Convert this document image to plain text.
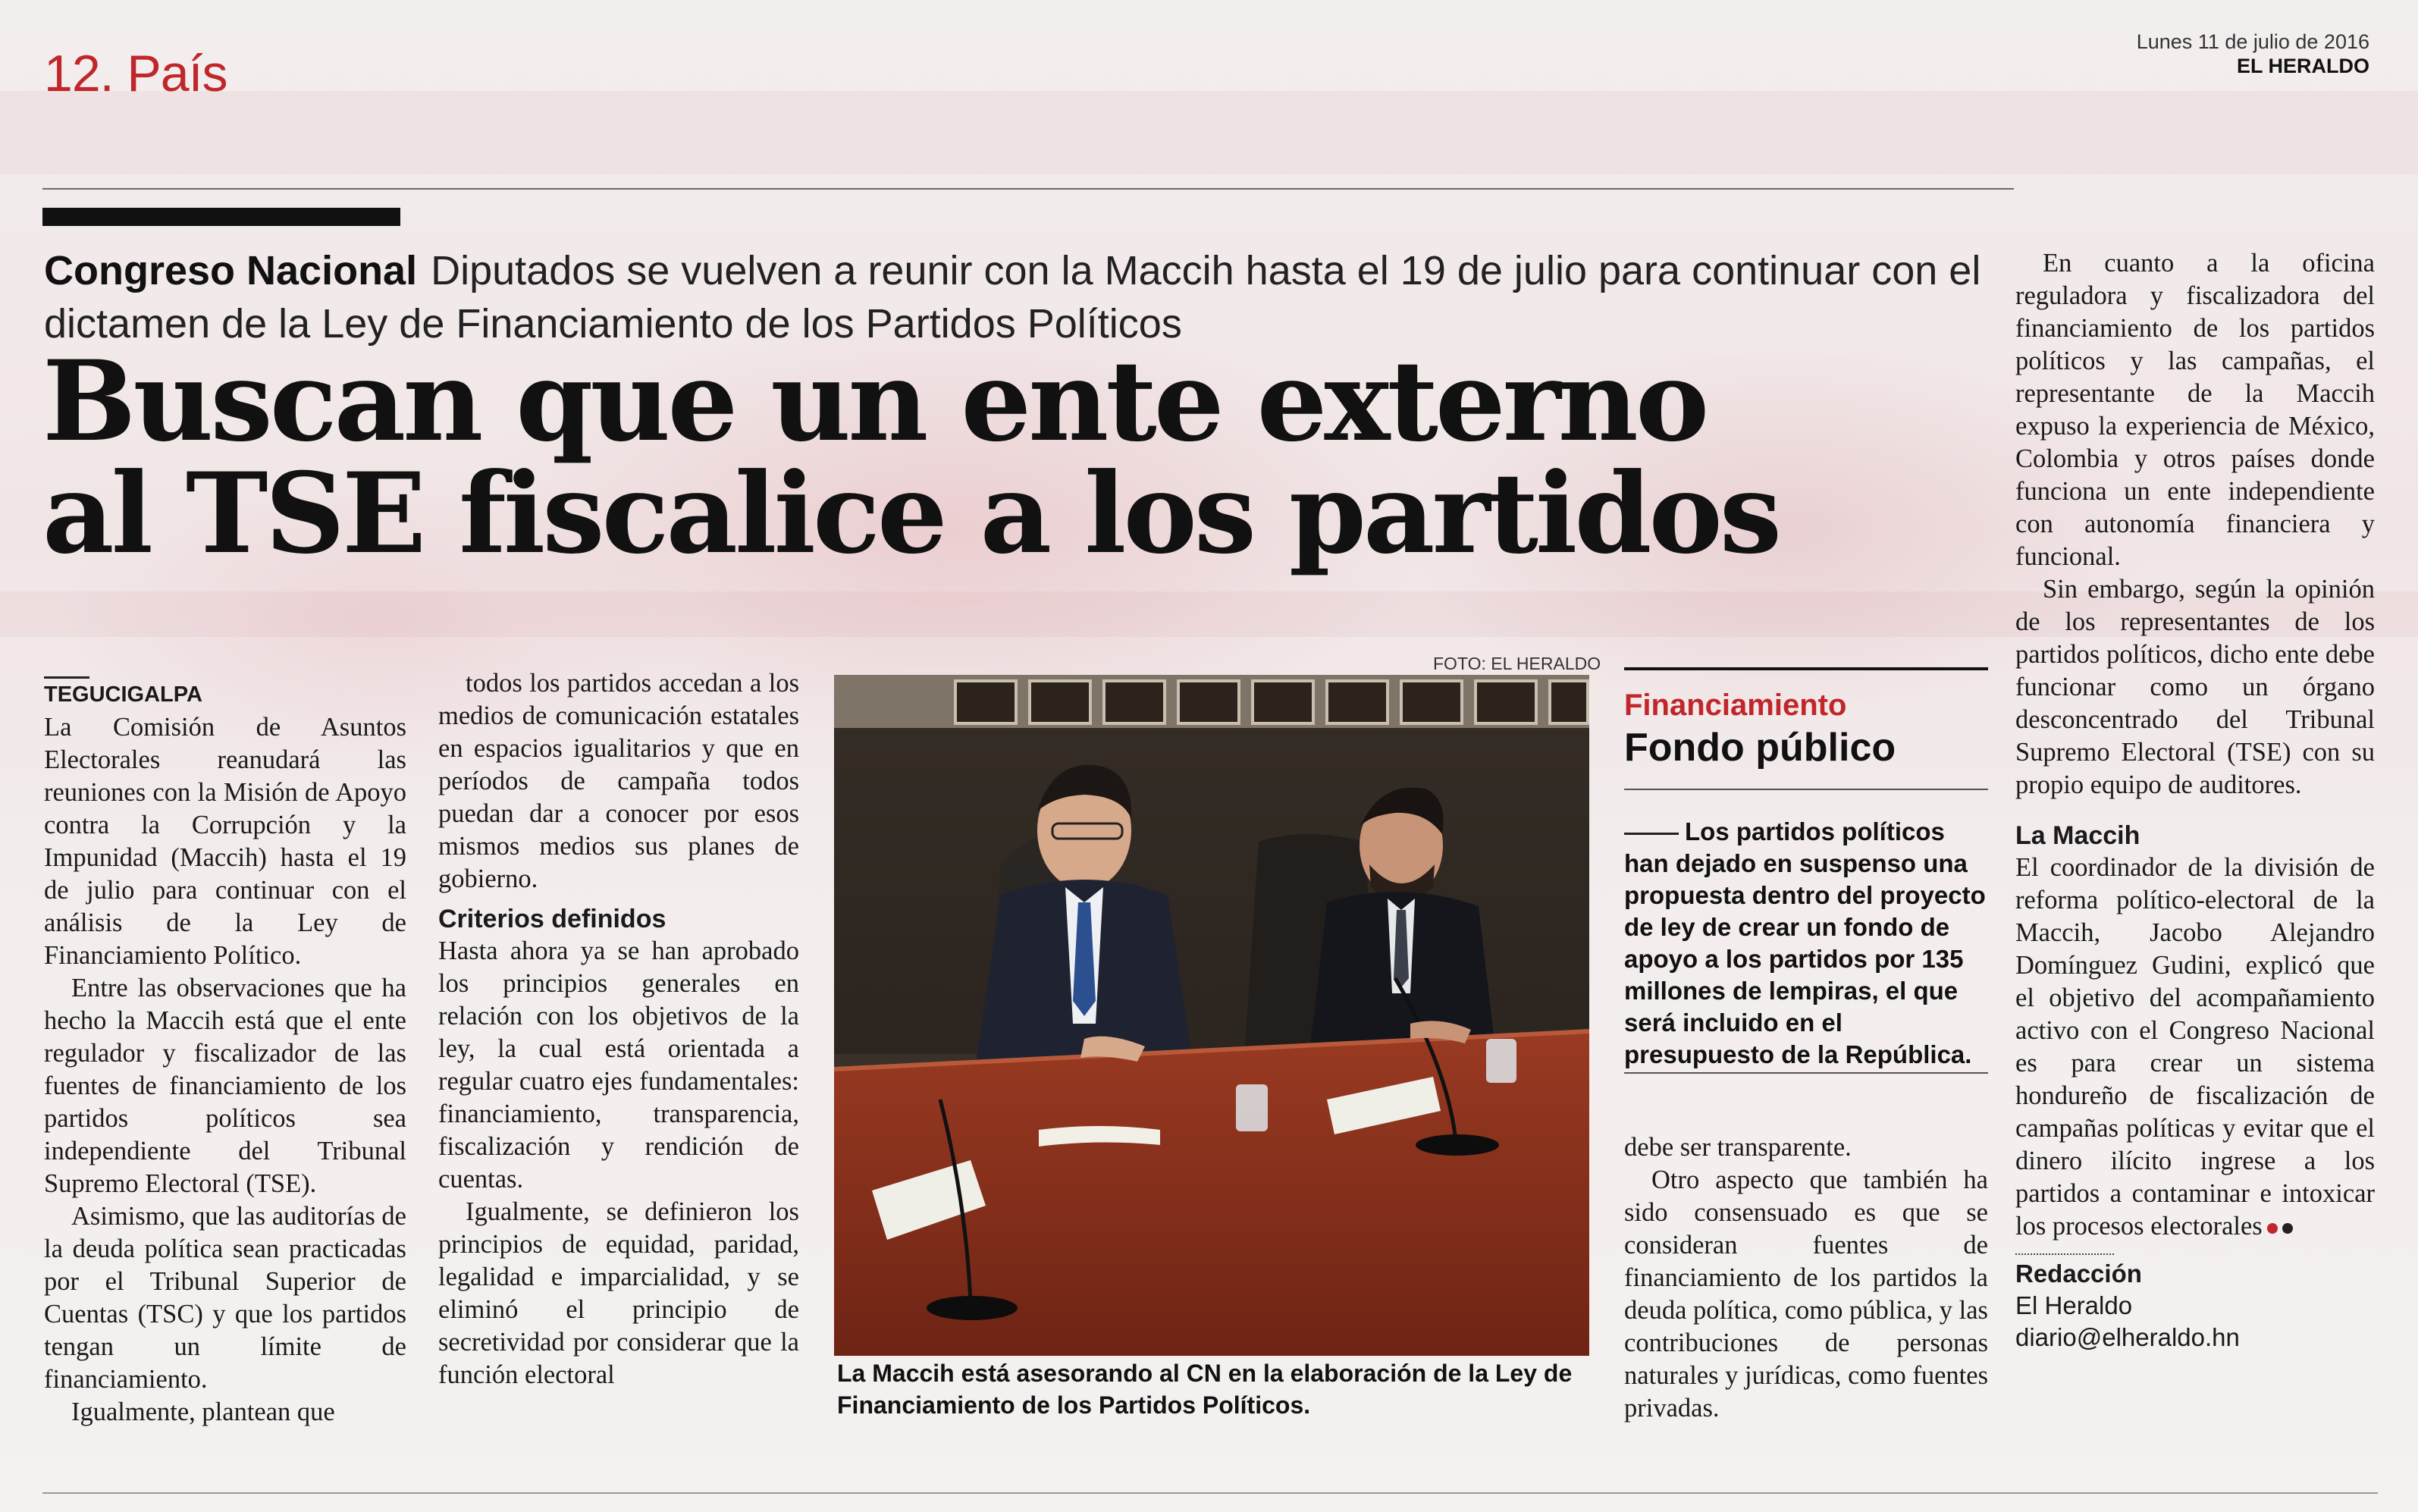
12. País
Lunes 11 de julio de 2016
EL HERALDO
Congreso Nacional Diputados se vuelven a reunir con la Maccih hasta el 19 de julio para continuar con el dictamen de la Ley de Financiamiento de los Partidos Políticos
Buscan que un ente externo
al TSE fiscalice a los partidos
TEGUCIGALPA

La Comisión de Asuntos Electorales reanudará las reuniones con la Misión de Apoyo contra la Corrupción y la Impunidad (Maccih) hasta el 19 de julio para continuar con el análisis de la Ley de Financiamiento Político.

Entre las observaciones que ha hecho la Maccih está que el ente regulador y fiscalizador de las fuentes de financiamiento de los partidos políticos sea independiente del Tribunal Supremo Electoral (TSE).

Asimismo, que las auditorías de la deuda política sean practicadas por el Tribunal Superior de Cuentas (TSC) y que los partidos tengan un límite de financiamiento.

Igualmente, plantean que

todos los partidos accedan a los medios de comunicación estatales en espacios igualitarios y que en períodos de campaña todos puedan dar a conocer por esos mismos medios sus planes de gobierno.

Criterios definidos

Hasta ahora ya se han aprobado los principios generales en relación con los objetivos de la ley, la cual está orientada a regular cuatro ejes fundamentales: financiamiento, transparencia, fiscalización y rendición de cuentas.

Igualmente, se definieron los principios de equidad, paridad, legalidad e imparcialidad, y se eliminó el principio de secretividad por considerar que la función electoral

FOTO: EL HERALDO
La Maccih está asesorando al CN en la elaboración de la Ley de Financiamiento de los Partidos Políticos.
Financiamiento
Fondo público
Los partidos políticos han dejado en suspenso una propuesta dentro del proyecto de ley de crear un fondo de apoyo a los partidos por 135 millones de lempiras, el que será incluido en el presupuesto de la República.

debe ser transparente.

Otro aspecto que también ha sido consensuado es que se consideran fuentes de financiamiento de los partidos la deuda política, como pública, y las contribuciones de personas naturales y jurídicas, como fuentes privadas.

En cuanto a la oficina reguladora y fiscalizadora del financiamiento de los partidos políticos y las campañas, el representante de la Maccih expuso la experiencia de México, Colombia y otros países donde funciona un ente independiente con autonomía financiera y funcional.

Sin embargo, según la opinión de los representantes de los partidos políticos, dicho ente debe funcionar como un órgano desconcentrado del Tribunal Supremo Electoral (TSE) con su propio equipo de auditores.

La Maccih

El coordinador de la división de reforma político-electoral de la Maccih, Jacobo Alejandro Domínguez Gudini, explicó que el objetivo del acompañamiento activo con el Congreso Nacional es para crear un sistema hondureño de fiscalización de campañas políticas y evitar que el dinero ilícito ingrese a los partidos a contaminar e intoxicar los procesos electorales

Redacción
El Heraldo
diario@elheraldo.hn
